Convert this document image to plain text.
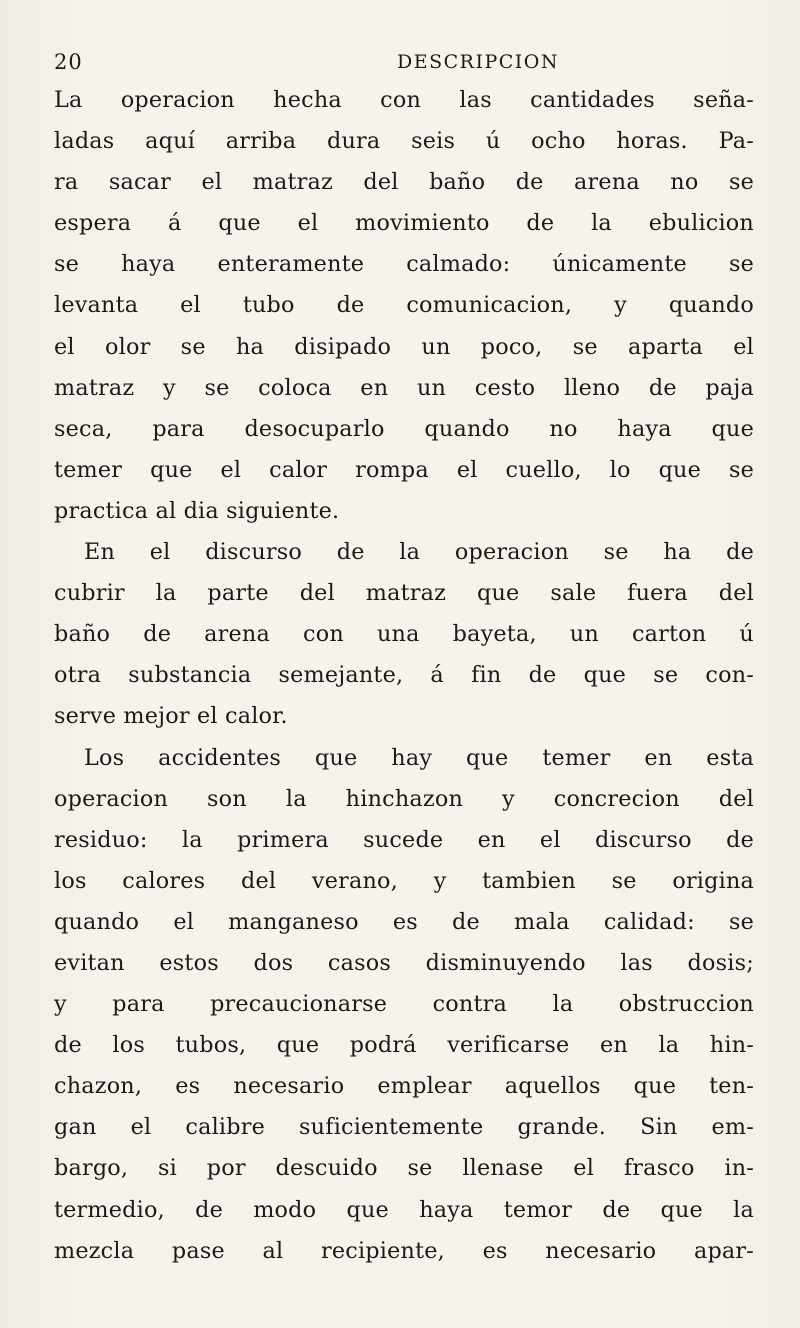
20	DESCRIPCION
La operacion hecha con las cantidades seña-
ladas aquí arriba dura seis ú ocho horas. Pa-
ra sacar el matraz del baño de arena no se
espera á que el movimiento de la ebulicion
se haya enteramente calmado: únicamente se
levanta el tubo de comunicacion, y quando
el olor se ha disipado un poco, se aparta el
matraz y se coloca en un cesto lleno de paja
seca, para desocuparlo quando no haya que
temer que el calor rompa el cuello, lo que se
practica al dia siguiente.
En el discurso de la operacion se ha de
cubrir la parte del matraz que sale fuera del
baño de arena con una bayeta, un carton ú
otra substancia semejante, á fin de que se con-
serve mejor el calor.
Los accidentes que hay que temer en esta
operacion son la hinchazon y concrecion del
residuo: la primera sucede en el discurso de
los calores del verano, y tambien se origina
quando el manganeso es de mala calidad: se
evitan estos dos casos disminuyendo las dosis;
y para precaucionarse contra la obstruccion
de los tubos, que podrá verificarse en la hin-
chazon, es necesario emplear aquellos que ten-
gan el calibre suficientemente grande. Sin em-
bargo, si por descuido se llenase el frasco in-
termedio, de modo que haya temor de que la
mezcla pase al recipiente, es necesario apar-
